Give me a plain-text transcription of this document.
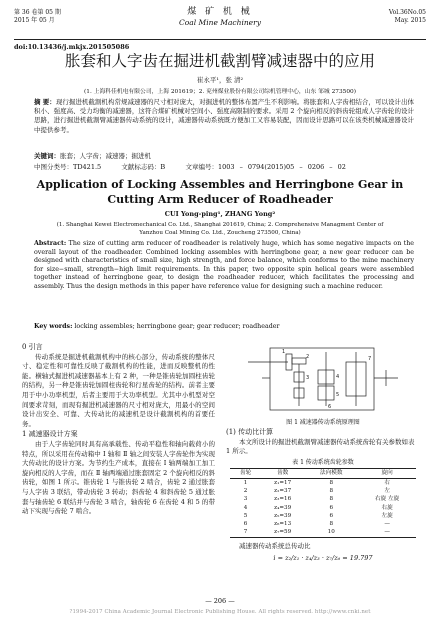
第 36 卷第 05 期
2015 年 05 月
煤 矿 机 械
Coal Mine Machinery
Vol.36No.05
May. 2015
doi:10.13436/j.mkjx.201505086
胀套和人字齿在掘进机截割臂减速器中的应用
崔永平¹，张 清²
(1. 上海科佳机电有限公司，上海 201619；2. 兖州煤业股份有限公司综机管理中心，山东 邹城 273500)
摘 要：现行掘进机截割机构常规减速器的尺寸相对庞大，对掘进机的整体布置产生不利影响。将胀套和人字齿相结合，可以设计出体积小、强度高、受力均衡的减速器，这符合煤矿机械对空间小、强度高限制的要求。采用 2 个旋向相反的斜齿轮组成人字齿轮的设计思路，进行掘进机截割臂减速器传动系统的设计，减速器传动系统既方便加工又容易装配，因而设计思路可以在该类机械减速器设计中提供参考。
关键词：胀套；人字齿；减速器；掘进机
中图分类号：TD421.5	文献标志码：B	文章编号：1003 – 0794(2015)05 – 0206 – 02
Application of Locking Assembles and Herringbone Gear in Cutting Arm Reducer of Roadheader
CUI Yong-ping¹, ZHANG Yong²
(1. Shanghai Kewei Electromechanical Co. Ltd., Shanghai 201619, China; 2. Comprehensive Managment Center of Yanzhou Coal Mining Co. Ltd., Zoucheng 273500, China)
Abstract: The size of cutting arm reducer of roadheader is relatively huge, which has some negative impacts on the overall layout of the roadheader. Combined locking assembles with herringbone gear, a new gear reducer can be designed with characteristics of small size, high strength, and force balance, which conforms to the mine machinery for size−small, strength−high limit requirements. In this paper, two opposite spin helical gears were assembled together instead of herringbone gear, to design the roadheader reducer, which facilitates the processing and assembly. Thus the design methods in this paper have reference value for designing such a machine reducer.
Key words: locking assembles; herringbone gear; gear reducer; roadheader
0 引言
传动系统是掘进机截割机构中的核心部分，传动系统的整体尺寸、稳定性和可靠性反映了截割机构的性能，进而反映整机的性能。横轴式掘进机减速器基本上有 2 种，一种是锥齿轮加圆柱齿轮的结构，另一种是锥齿轮加圆柱齿轮和行星齿轮的结构。前者主要用于中小功率机型，后者主要用于大功率机型。尤其中小机型对空间要求苛刻，而现有掘进机减速器的尺寸相对庞大，用最小的空间设计出安全、可靠、大传动比的减速机是设计截割机构的首要任务。
1 减速器设计方案
由于人字齿轮同时具有高承载性、传动平稳性和轴向载荷小的特点，所以采用在传动箱中 Ⅰ 轴和 Ⅱ 轴之间安装人字齿轮作为实现大传动比的设计方案。为节约生产成本，直接在 Ⅰ 轴两端加工加工旋向相反的人字齿，而在 Ⅱ 轴两端通过胀套固定 2 个旋向相反的斜齿轮，如图 1 所示。锥齿轮 1 与锥齿轮 2 啮合，齿轮 2 通过胀套与人字齿 3 联结，带动齿轮 3 转动；斜齿轮 4 和斜齿轮 5 通过胀套与轴齿轮 6 联结并与齿轮 3 啮合，轴齿轮 6 在齿轮 4 和 5 的带动下实现与齿轮 7 啮合。
1
2
3	4
5
6
7
图 1 减速器传动系统原理图
(1) 传动比计算
本文所设计的掘进机截割臂减速器传动系统齿轮有关参数如表 1 所示。
表 1 传动系统齿轮参数
齿轮	齿数	法向模数	旋向
1	z₁=17	8	右
2	z₂=37	8	左
3	z₃=16	8	右旋 左旋
4	z₄=39	6	右旋
5	z₅=39	6	左旋
6	z₆=13	8	—
7	z₇=59	10	—
减速器传动系统总传动比
i = z₂/z₁ · z₄/z₃ · z₇/z₆ = 19.797
— 206 —
?1994-2017 China Academic Journal Electronic Publishing House. All rights reserved. http://www.cnki.net
